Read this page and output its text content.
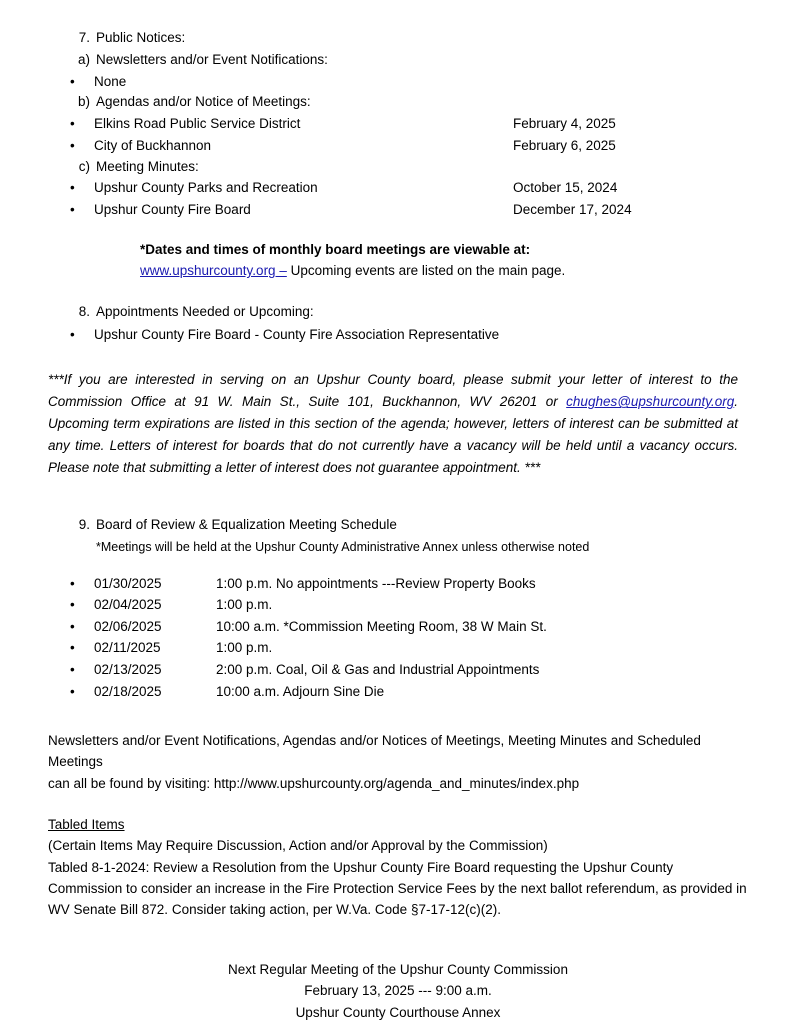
7. Public Notices:
a) Newsletters and/or Event Notifications:
• None
b) Agendas and/or Notice of Meetings:
• Elkins Road Public Service District	February 4, 2025
• City of Buckhannon	February 6, 2025
c) Meeting Minutes:
• Upshur County Parks and Recreation	October 15, 2024
• Upshur County Fire Board	December 17, 2024
*Dates and times of monthly board meetings are viewable at:
www.upshurcounty.org – Upcoming events are listed on the main page.
8. Appointments Needed or Upcoming:
• Upshur County Fire Board - County Fire Association Representative
***If you are interested in serving on an Upshur County board, please submit your letter of interest to the Commission Office at 91 W. Main St., Suite 101, Buckhannon, WV 26201 or chughes@upshurcounty.org. Upcoming term expirations are listed in this section of the agenda; however, letters of interest can be submitted at any time. Letters of interest for boards that do not currently have a vacancy will be held until a vacancy occurs. Please note that submitting a letter of interest does not guarantee appointment. ***
9. Board of Review & Equalization Meeting Schedule
*Meetings will be held at the Upshur County Administrative Annex unless otherwise noted
• 01/30/2025	1:00 p.m. No appointments ---Review Property Books
• 02/04/2025	1:00 p.m.
• 02/06/2025	10:00 a.m. *Commission Meeting Room, 38 W Main St.
• 02/11/2025	1:00 p.m.
• 02/13/2025	2:00 p.m. Coal, Oil & Gas and Industrial Appointments
• 02/18/2025	10:00 a.m. Adjourn Sine Die
Newsletters and/or Event Notifications, Agendas and/or Notices of Meetings, Meeting Minutes and Scheduled Meetings
can all be found by visiting: http://www.upshurcounty.org/agenda_and_minutes/index.php
Tabled Items
(Certain Items May Require Discussion, Action and/or Approval by the Commission)
Tabled 8-1-2024: Review a Resolution from the Upshur County Fire Board requesting the Upshur County Commission to consider an increase in the Fire Protection Service Fees by the next ballot referendum, as provided in WV Senate Bill 872. Consider taking action, per W.Va. Code §7-17-12(c)(2).
Next Regular Meeting of the Upshur County Commission
February 13, 2025 --- 9:00 a.m.
Upshur County Courthouse Annex
